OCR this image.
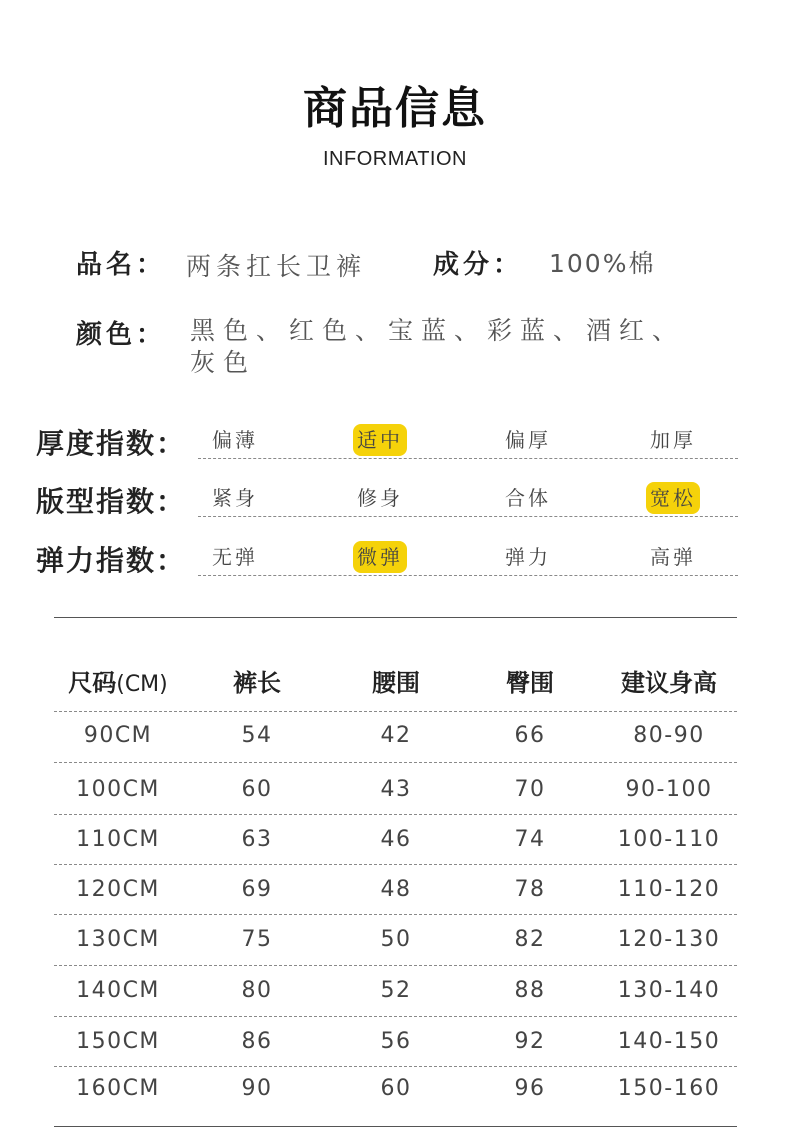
商品信息
INFORMATION
品名： 两条扛长卫裤	成分： 100%棉
颜色： 黑色、红色、宝蓝、彩蓝、酒红、
灰色
厚度指数： 偏薄	适中	偏厚	加厚
版型指数： 紧身	修身	合体	宽松
弹力指数： 无弹	微弹	弹力	高弹
尺码(CM)	裤长	腰围	臀围	建议身高
90CM	54	42	66	80-90
100CM	60	43	70	90-100
110CM	63	46	74	100-110
120CM	69	48	78	110-120
130CM	75	50	82	120-130
140CM	80	52	88	130-140
150CM	86	56	92	140-150
160CM	90	60	96	150-160
